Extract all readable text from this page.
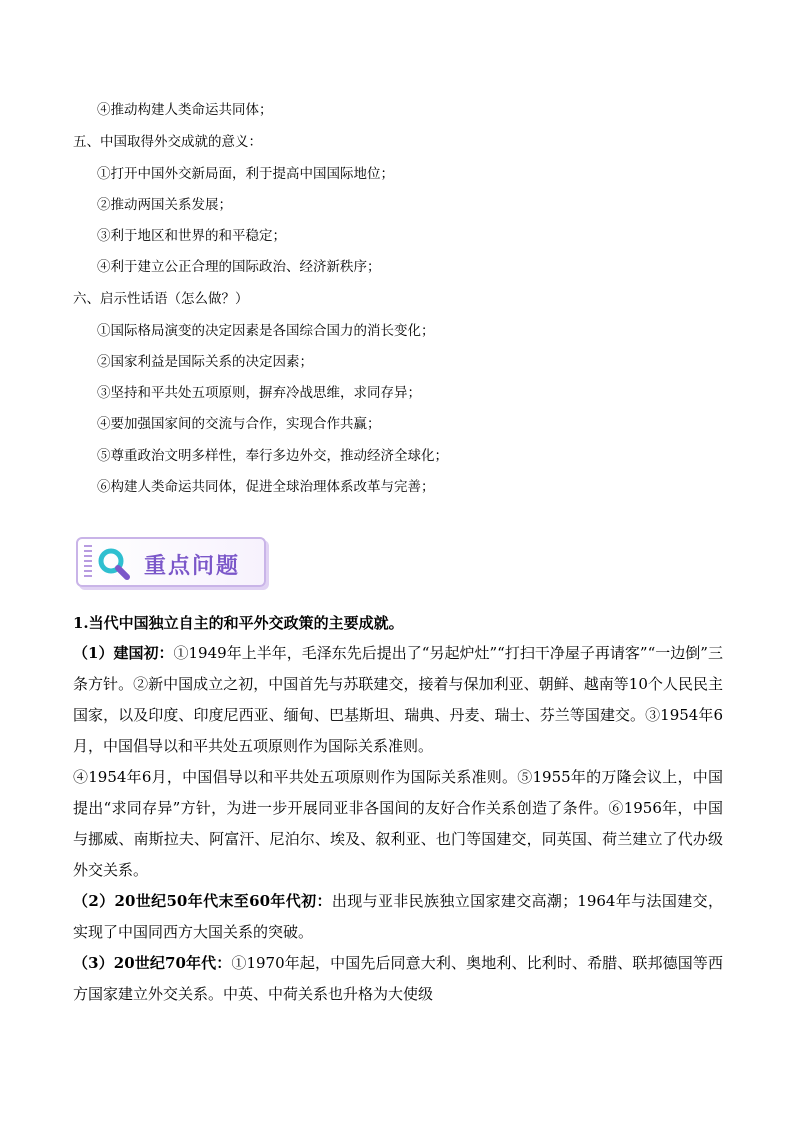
④推动构建人类命运共同体；
五、中国取得外交成就的意义：
①打开中国外交新局面，利于提高中国国际地位；
②推动两国关系发展；
③利于地区和世界的和平稳定；
④利于建立公正合理的国际政治、经济新秩序；
六、启示性话语（怎么做？）
①国际格局演变的决定因素是各国综合国力的消长变化；
②国家利益是国际关系的决定因素；
③坚持和平共处五项原则，摒弃冷战思维，求同存异；
④要加强国家间的交流与合作，实现合作共赢；
⑤尊重政治文明多样性，奉行多边外交，推动经济全球化；
⑥构建人类命运共同体，促进全球治理体系改革与完善；
重点问题
1.当代中国独立自主的和平外交政策的主要成就。
（1）建国初：①1949年上半年，毛泽东先后提出了“另起炉灶”“打扫干净屋子再请客”“一边倒”三条方针。②新中国成立之初，中国首先与苏联建交，接着与保加利亚、朝鲜、越南等10个人民民主国家，以及印度、印度尼西亚、缅甸、巴基斯坦、瑞典、丹麦、瑞士、芬兰等国建交。③1954年6月，中国倡导以和平共处五项原则作为国际关系准则。
④1954年6月，中国倡导以和平共处五项原则作为国际关系准则。⑤1955年的万隆会议上，中国提出“求同存异”方针，为进一步开展同亚非各国间的友好合作关系创造了条件。⑥1956年，中国与挪威、南斯拉夫、阿富汗、尼泊尔、埃及、叙利亚、也门等国建交，同英国、荷兰建立了代办级外交关系。
（2）20世纪50年代末至60年代初：出现与亚非民族独立国家建交高潮；1964年与法国建交，实现了中国同西方大国关系的突破。
（3）20世纪70年代：①1970年起，中国先后同意大利、奥地利、比利时、希腊、联邦德国等西方国家建立外交关系。中英、中荷关系也升格为大使级
